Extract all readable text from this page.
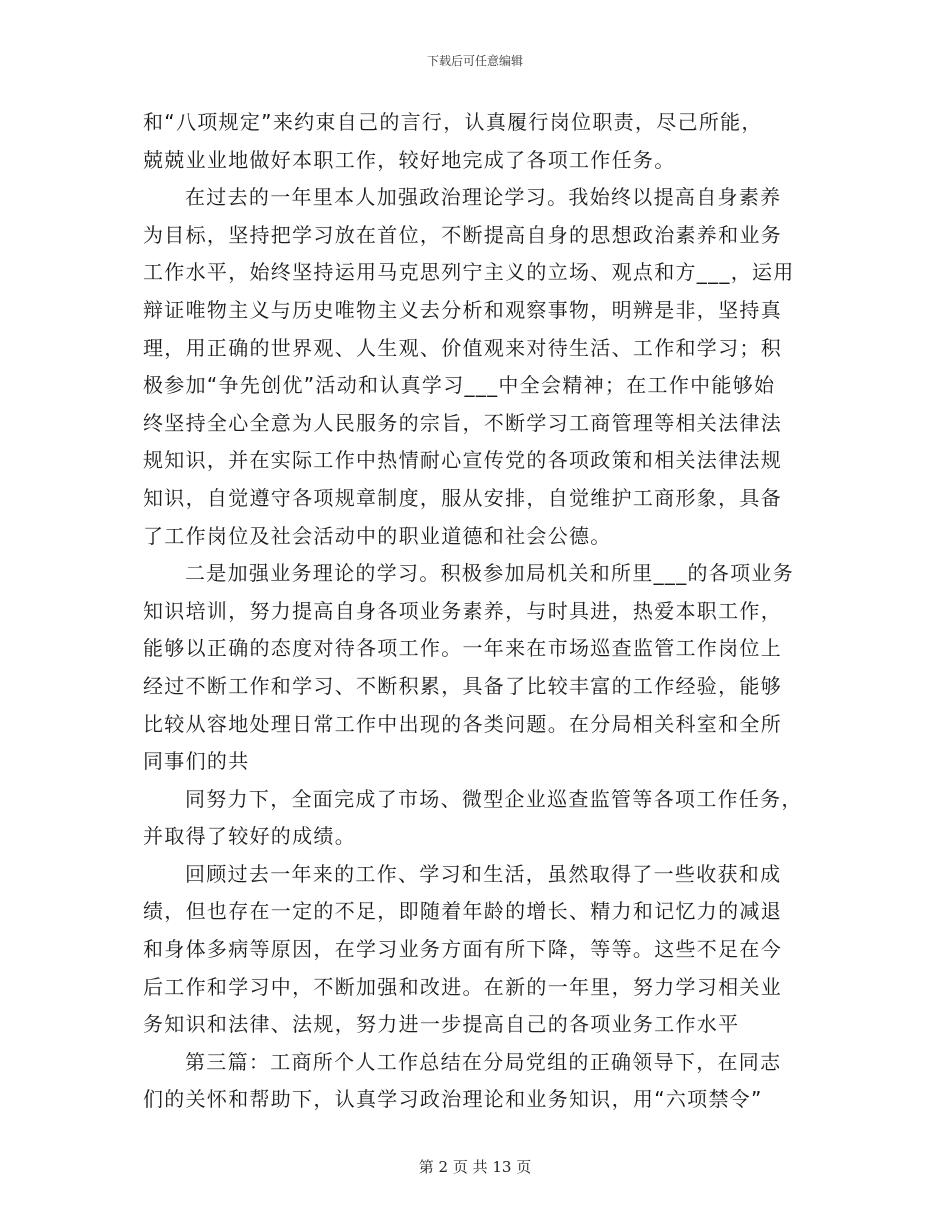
下载后可任意编辑
和“八项规定”来约束自己的言行，认真履行岗位职责，尽己所能，
兢兢业业地做好本职工作，较好地完成了各项工作任务。
在过去的一年里本人加强政治理论学习。我始终以提高自身素养
为目标，坚持把学习放在首位，不断提高自身的思想政治素养和业务
工作水平，始终坚持运用马克思列宁主义的立场、观点和方___，运用
辩证唯物主义与历史唯物主义去分析和观察事物，明辨是非，坚持真
理，用正确的世界观、人生观、价值观来对待生活、工作和学习；积
极参加“争先创优”活动和认真学习___中全会精神；在工作中能够始
终坚持全心全意为人民服务的宗旨，不断学习工商管理等相关法律法
规知识，并在实际工作中热情耐心宣传党的各项政策和相关法律法规
知识，自觉遵守各项规章制度，服从安排，自觉维护工商形象，具备
了工作岗位及社会活动中的职业道德和社会公德。
二是加强业务理论的学习。积极参加局机关和所里___的各项业务
知识培训，努力提高自身各项业务素养，与时具进，热爱本职工作，
能够以正确的态度对待各项工作。一年来在市场巡查监管工作岗位上
经过不断工作和学习、不断积累，具备了比较丰富的工作经验，能够
比较从容地处理日常工作中出现的各类问题。在分局相关科室和全所
同事们的共
同努力下，全面完成了市场、微型企业巡查监管等各项工作任务，
并取得了较好的成绩。
回顾过去一年来的工作、学习和生活，虽然取得了一些收获和成
绩，但也存在一定的不足，即随着年龄的增长、精力和记忆力的减退
和身体多病等原因，在学习业务方面有所下降，等等。这些不足在今
后工作和学习中，不断加强和改进。在新的一年里，努力学习相关业
务知识和法律、法规，努力进一步提高自己的各项业务工作水平
第三篇：工商所个人工作总结在分局党组的正确领导下，在同志
们的关怀和帮助下，认真学习政治理论和业务知识，用“六项禁令”
第 2 页 共 13 页
